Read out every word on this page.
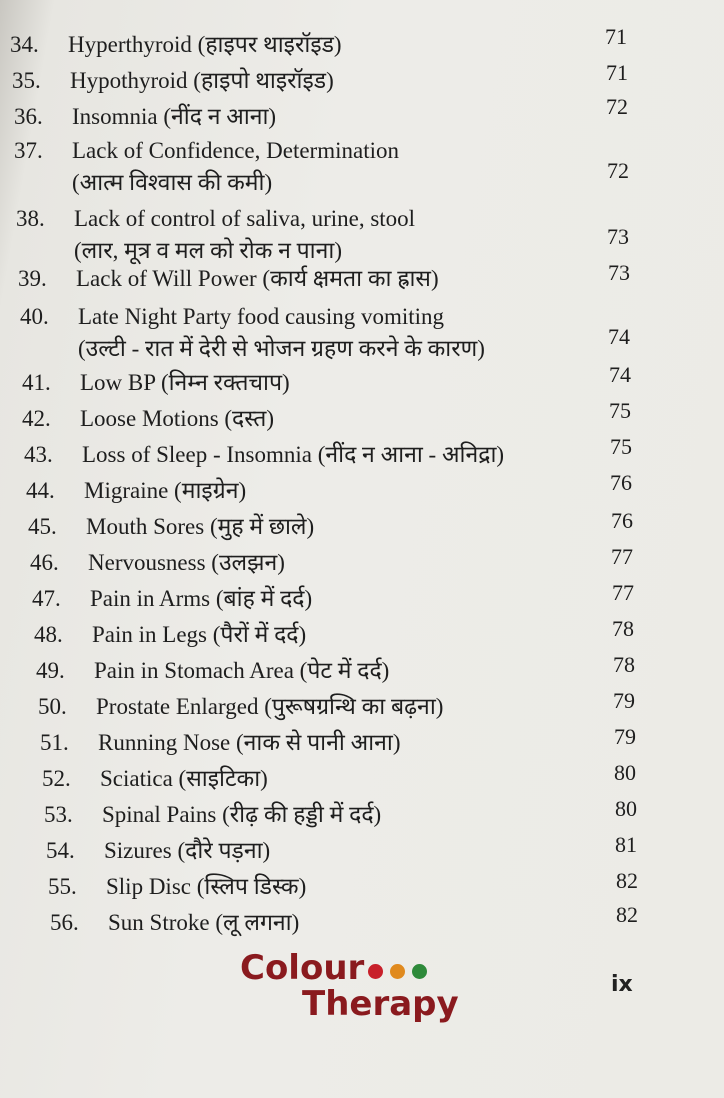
34. Hyperthyroid (हाइपर थाइरॉइड)	71
35. Hypothyroid (हाइपो थाइरॉइड)	71
36. Insomnia (नींद न आना)	72
37. Lack of Confidence, Determination
(आत्म विश्वास की कमी)	72
38. Lack of control of saliva, urine, stool
(लार, मूत्र व मल को रोक न पाना)
73
39. Lack of Will Power (कार्य क्षमता का ह्रास)	73
40. Late Night Party food causing vomiting
(उल्टी - रात में देरी से भोजन ग्रहण करने के कारण)	74
41. Low BP (निम्न रक्तचाप)	74
42. Loose Motions (दस्त)	75
43. Loss of Sleep - Insomnia (नींद न आना - अनिद्रा)	75
44. Migraine (माइग्रेन)	76
45. Mouth Sores (मुह में छाले)	76
46. Nervousness (उलझन)	77
47. Pain in Arms (बांह में दर्द)	77
48. Pain in Legs (पैरों में दर्द)	78
49. Pain in Stomach Area (पेट में दर्द)	78
50. Prostate Enlarged (पुरूषग्रन्थि का बढ़ना)	79
51. Running Nose (नाक से पानी आना)	79
52. Sciatica (साइटिका)	80
53. Spinal Pains (रीढ़ की हड्डी में दर्द)	80
54. Sizures (दौरे पड़ना)	81
55. Slip Disc (स्लिप डिस्क)	82
56. Sun Stroke (लू लगना)	82
Colour
Therapy	ix
